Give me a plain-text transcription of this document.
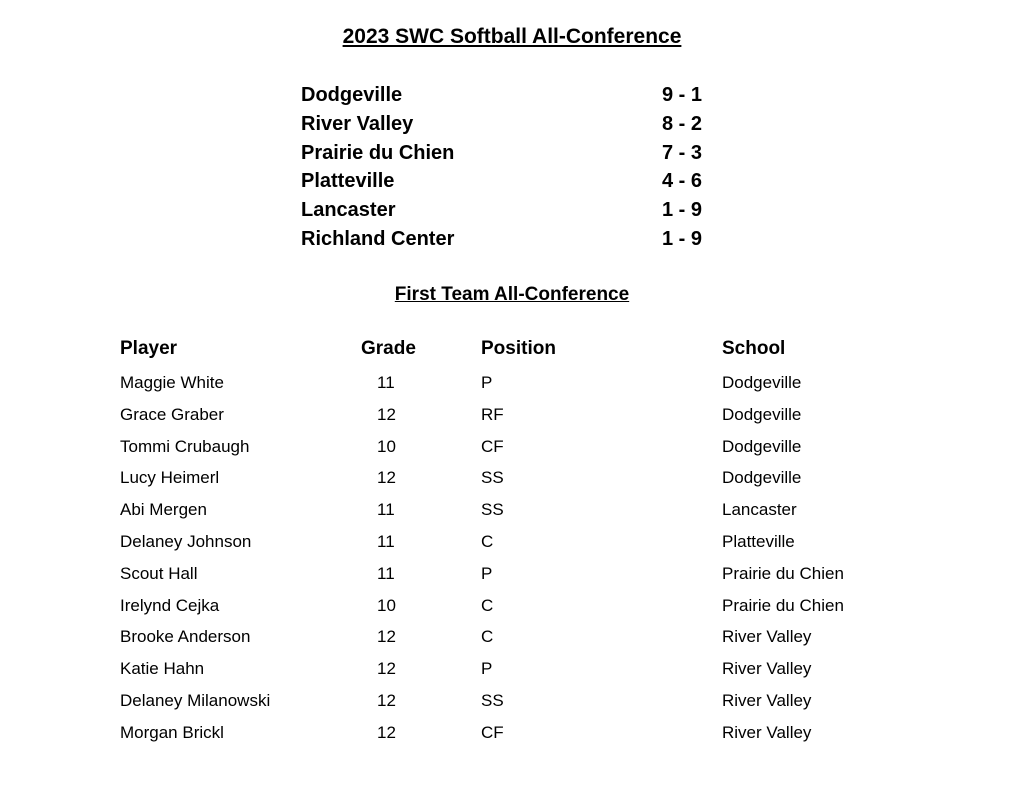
2023 SWC Softball All-Conference
Dodgeville	9 - 1
River Valley	8 - 2
Prairie du Chien	7 - 3
Platteville	4 - 6
Lancaster	1 - 9
Richland Center	1 - 9
First Team All-Conference
Player	Grade	Position	School
Maggie White	11	P	Dodgeville
Grace Graber	12	RF	Dodgeville
Tommi Crubaugh	10	CF	Dodgeville
Lucy Heimerl	12	SS	Dodgeville
Abi Mergen	11	SS	Lancaster
Delaney Johnson	11	C	Platteville
Scout Hall	11	P	Prairie du Chien
Irelynd Cejka	10	C	Prairie du Chien
Brooke Anderson	12	C	River Valley
Katie Hahn	12	P	River Valley
Delaney Milanowski	12	SS	River Valley
Morgan Brickl	12	CF	River Valley
